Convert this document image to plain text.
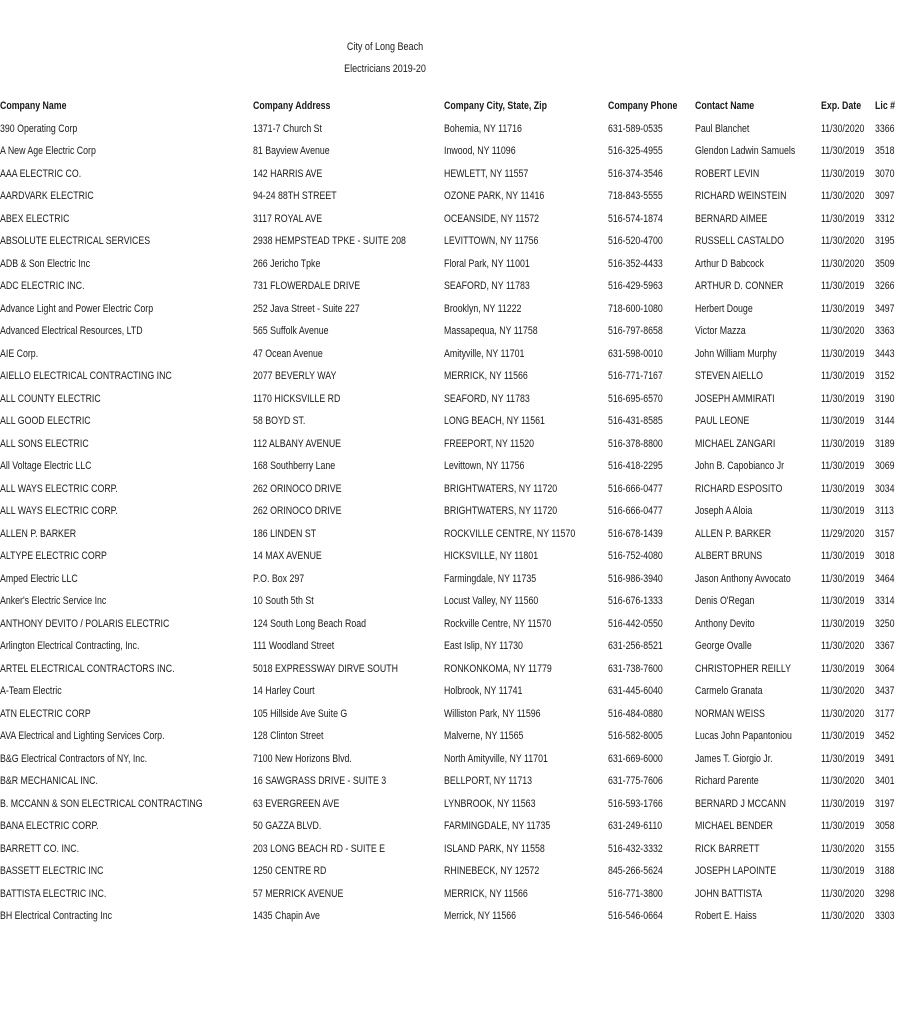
City of Long Beach
Electricians 2019-20
	Company Name	Company Address	Company City, State, Zip	Company Phone	Contact Name	Exp. Date	Lic #
	390 Operating Corp	1371-7 Church St	Bohemia, NY 11716	631-589-0535	Paul Blanchet	11/30/2020	3366
	A New Age Electric Corp	81 Bayview Avenue	Inwood, NY 11096	516-325-4955	Glendon Ladwin Samuels	11/30/2019	3518
	AAA ELECTRIC CO.	142 HARRIS AVE	HEWLETT, NY 11557	516-374-3546	ROBERT LEVIN	11/30/2019	3070
	AARDVARK ELECTRIC	94-24 88TH STREET	OZONE PARK, NY 11416	718-843-5555	RICHARD WEINSTEIN	11/30/2020	3097
	ABEX ELECTRIC	3117 ROYAL AVE	OCEANSIDE, NY 11572	516-574-1874	BERNARD AIMEE	11/30/2019	3312
	ABSOLUTE ELECTRICAL SERVICES	2938 HEMPSTEAD TPKE - SUITE 208	LEVITTOWN, NY 11756	516-520-4700	RUSSELL CASTALDO	11/30/2020	3195
	ADB & Son Electric Inc	266 Jericho Tpke	Floral Park, NY 11001	516-352-4433	Arthur D Babcock	11/30/2020	3509
	ADC ELECTRIC INC.	731 FLOWERDALE DRIVE	SEAFORD, NY 11783	516-429-5963	ARTHUR D. CONNER	11/30/2019	3266
	Advance Light and Power Electric Corp	252 Java Street - Suite 227	Brooklyn, NY 11222	718-600-1080	Herbert Douge	11/30/2019	3497
	Advanced Electrical Resources, LTD	565 Suffolk Avenue	Massapequa, NY 11758	516-797-8658	Victor Mazza	11/30/2020	3363
	AIE Corp.	47 Ocean Avenue	Amityville, NY 11701	631-598-0010	John William Murphy	11/30/2019	3443
	AIELLO ELECTRICAL CONTRACTING INC	2077 BEVERLY WAY	MERRICK, NY 11566	516-771-7167	STEVEN AIELLO	11/30/2019	3152
	ALL COUNTY ELECTRIC	1170 HICKSVILLE RD	SEAFORD, NY 11783	516-695-6570	JOSEPH AMMIRATI	11/30/2019	3190
	ALL GOOD ELECTRIC	58 BOYD ST.	LONG BEACH, NY 11561	516-431-8585	PAUL LEONE	11/30/2019	3144
	ALL SONS ELECTRIC	112 ALBANY AVENUE	FREEPORT, NY 11520	516-378-8800	MICHAEL ZANGARI	11/30/2019	3189
	All Voltage Electric LLC	168 Southberry Lane	Levittown, NY 11756	516-418-2295	John B. Capobianco Jr	11/30/2019	3069
	ALL WAYS ELECTRIC CORP.	262 ORINOCO DRIVE	BRIGHTWATERS, NY 11720	516-666-0477	RICHARD ESPOSITO	11/30/2019	3034
	ALL WAYS ELECTRIC CORP.	262 ORINOCO DRIVE	BRIGHTWATERS, NY 11720	516-666-0477	Joseph A Aloia	11/30/2019	3113
	ALLEN P. BARKER	186 LINDEN ST	ROCKVILLE CENTRE, NY 11570	516-678-1439	ALLEN P. BARKER	11/29/2020	3157
	ALTYPE ELECTRIC CORP	14 MAX AVENUE	HICKSVILLE, NY 11801	516-752-4080	ALBERT BRUNS	11/30/2019	3018
	Amped Electric LLC	P.O. Box 297	Farmingdale, NY 11735	516-986-3940	Jason Anthony Avvocato	11/30/2019	3464
	Anker's Electric Service Inc	10 South 5th St	Locust Valley, NY 11560	516-676-1333	Denis O'Regan	11/30/2019	3314
	ANTHONY DEVITO / POLARIS ELECTRIC	124 South Long Beach Road	Rockville Centre, NY 11570	516-442-0550	Anthony Devito	11/30/2019	3250
	Arlington Electrical Contracting, Inc.	111 Woodland Street	East Islip, NY 11730	631-256-8521	George Ovalle	11/30/2020	3367
	ARTEL ELECTRICAL CONTRACTORS INC.	5018 EXPRESSWAY DIRVE SOUTH	RONKONKOMA, NY 11779	631-738-7600	CHRISTOPHER REILLY	11/30/2019	3064
	A-Team Electric	14 Harley Court	Holbrook, NY 11741	631-445-6040	Carmelo Granata	11/30/2020	3437
	ATN ELECTRIC CORP	105 Hillside Ave Suite G	Williston Park, NY 11596	516-484-0880	NORMAN WEISS	11/30/2020	3177
	AVA Electrical and Lighting Services Corp.	128 Clinton Street	Malverne, NY 11565	516-582-8005	Lucas John Papantoniou	11/30/2019	3452
	B&G Electrical Contractors of NY, Inc.	7100 New Horizons Blvd.	North Amityville, NY 11701	631-669-6000	James T. Giorgio Jr.	11/30/2019	3491
	B&R MECHANICAL INC.	16 SAWGRASS DRIVE - SUITE 3	BELLPORT, NY 11713	631-775-7606	Richard Parente	11/30/2020	3401
	B. MCCANN & SON ELECTRICAL CONTRACTING	63 EVERGREEN AVE	LYNBROOK, NY 11563	516-593-1766	BERNARD J MCCANN	11/30/2019	3197
	BANA ELECTRIC CORP.	50 GAZZA BLVD.	FARMINGDALE, NY 11735	631-249-6110	MICHAEL BENDER	11/30/2019	3058
	BARRETT CO. INC.	203 LONG BEACH RD - SUITE E	ISLAND PARK, NY 11558	516-432-3332	RICK BARRETT	11/30/2020	3155
	BASSETT ELECTRIC INC	1250 CENTRE RD	RHINEBECK, NY 12572	845-266-5624	JOSEPH LAPOINTE	11/30/2019	3188
	BATTISTA ELECTRIC INC.	57 MERRICK AVENUE	MERRICK, NY 11566	516-771-3800	JOHN BATTISTA	11/30/2020	3298
	BH Electrical Contracting Inc	1435 Chapin Ave	Merrick, NY 11566	516-546-0664	Robert E. Haiss	11/30/2020	3303
